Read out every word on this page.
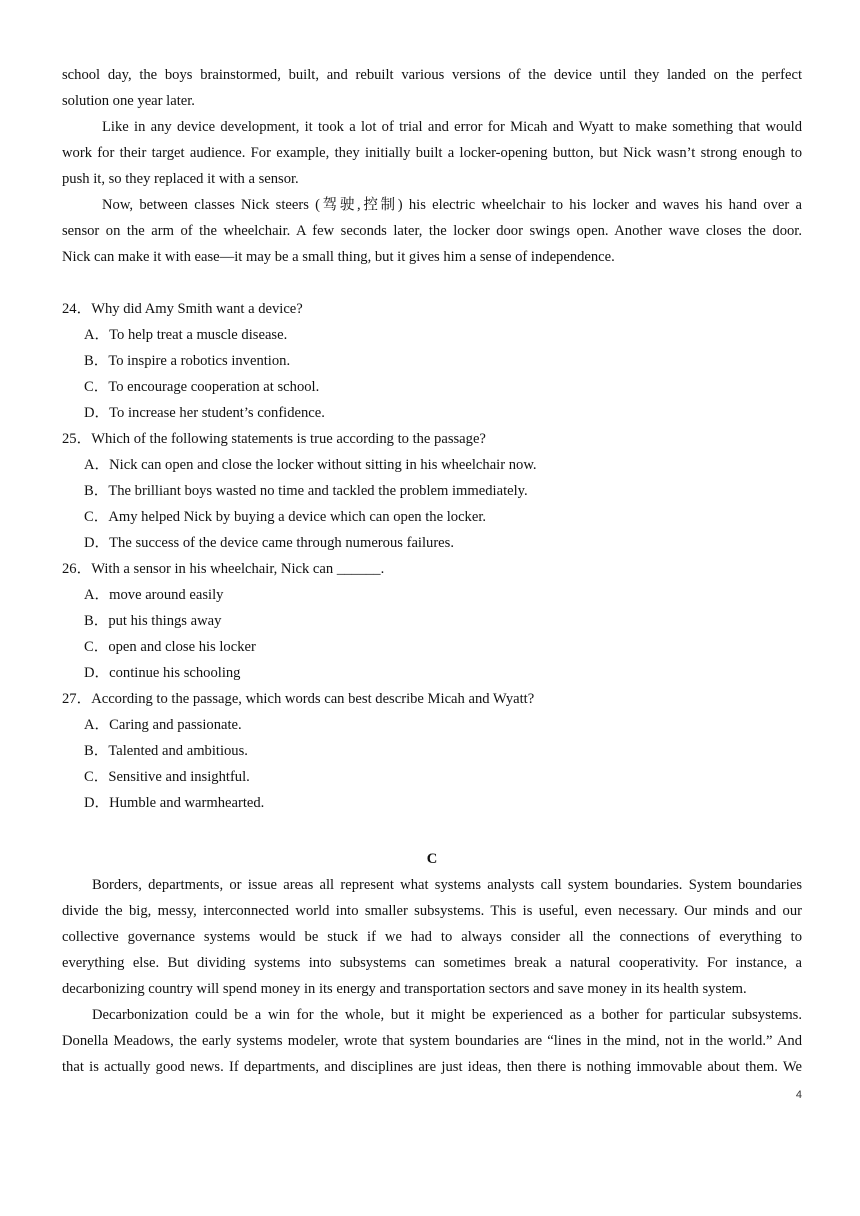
school day, the boys brainstormed, built, and rebuilt various versions of the device until they landed on the perfect
solution one year later.

Like in any device development, it took a lot of trial and error for Micah and Wyatt to make something that would
work for their target audience. For example, they initially built a locker-opening button, but Nick wasn’t strong enough to
push it, so they replaced it with a sensor.

Now, between classes Nick steers (驾驶,控制) his electric wheelchair to his locker and waves his hand over a
sensor on the arm of the wheelchair. A few seconds later, the locker door swings open. Another wave closes the door.
Nick can make it with ease—it may be a small thing, but it gives him a sense of independence.

24．Why did Amy Smith want a device?

A．To help treat a muscle disease.

B．To inspire a robotics invention.

C．To encourage cooperation at school.

D．To increase her student’s confidence.

25．Which of the following statements is true according to the passage?

A．Nick can open and close the locker without sitting in his wheelchair now.

B．The brilliant boys wasted no time and tackled the problem immediately.

C．Amy helped Nick by buying a device which can open the locker.

D．The success of the device came through numerous failures.

26．With a sensor in his wheelchair, Nick can ______.

A．move around easily

B．put his things away

C．open and close his locker

D．continue his schooling

27．According to the passage, which words can best describe Micah and Wyatt?

A．Caring and passionate.

B．Talented and ambitious.

C．Sensitive and insightful.

D．Humble and warmhearted.

C

Borders, departments, or issue areas all represent what systems analysts call system boundaries. System boundaries
divide the big, messy, interconnected world into smaller subsystems. This is useful, even necessary. Our minds and our
collective governance systems would be stuck if we had to always consider all the connections of everything to
everything else. But dividing systems into subsystems can sometimes break a natural cooperativity. For instance, a
decarbonizing country will spend money in its energy and transportation sectors and save money in its health system.

Decarbonization could be a win for the whole, but it might be experienced as a bother for particular subsystems.
Donella Meadows, the early systems modeler, wrote that system boundaries are “lines in the mind, not in the world.” And
that is actually good news. If departments, and disciplines are just ideas, then there is nothing immovable about them. We

4
